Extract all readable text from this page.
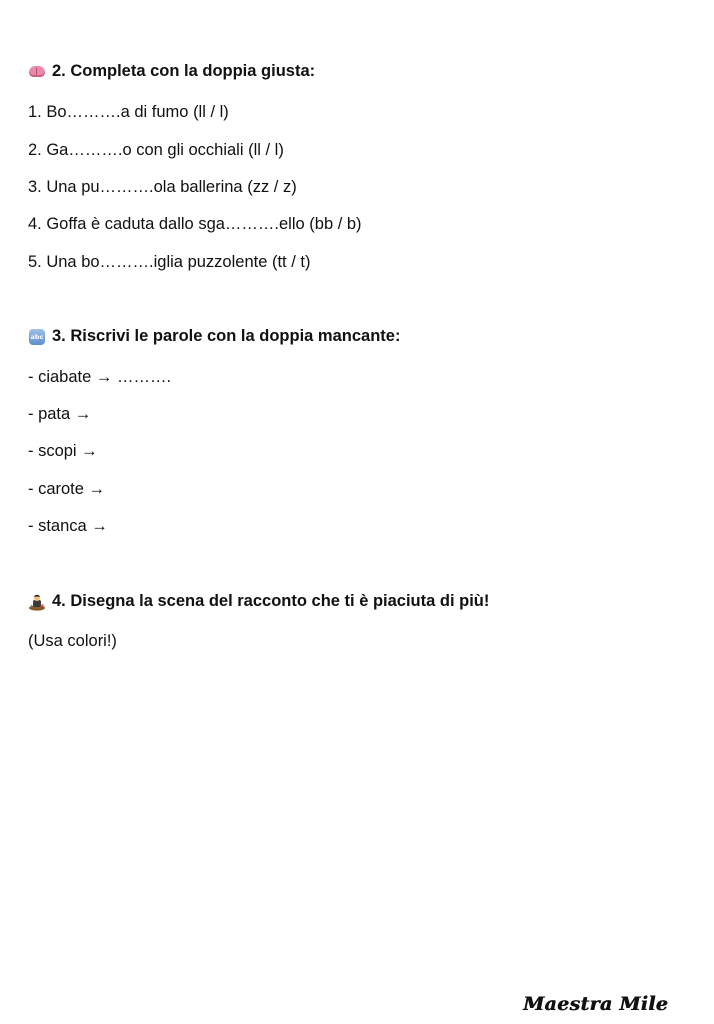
2. Completa con la doppia giusta:
1. Bo……….a di fumo (ll / l)
2. Ga……….o con gli occhiali (ll / l)
3. Una pu……….ola ballerina (zz / z)
4. Goffa è caduta dallo sga……….ello (bb / b)
5. Una bo……….iglia puzzolente (tt / t)
abc 3. Riscrivi le parole con la doppia mancante:
- ciabate → ……….
- pata →
- scopi →
- carote →
- stanca →
4. Disegna la scena del racconto che ti è piaciuta di più!
(Usa colori!)
Maestra Mile
